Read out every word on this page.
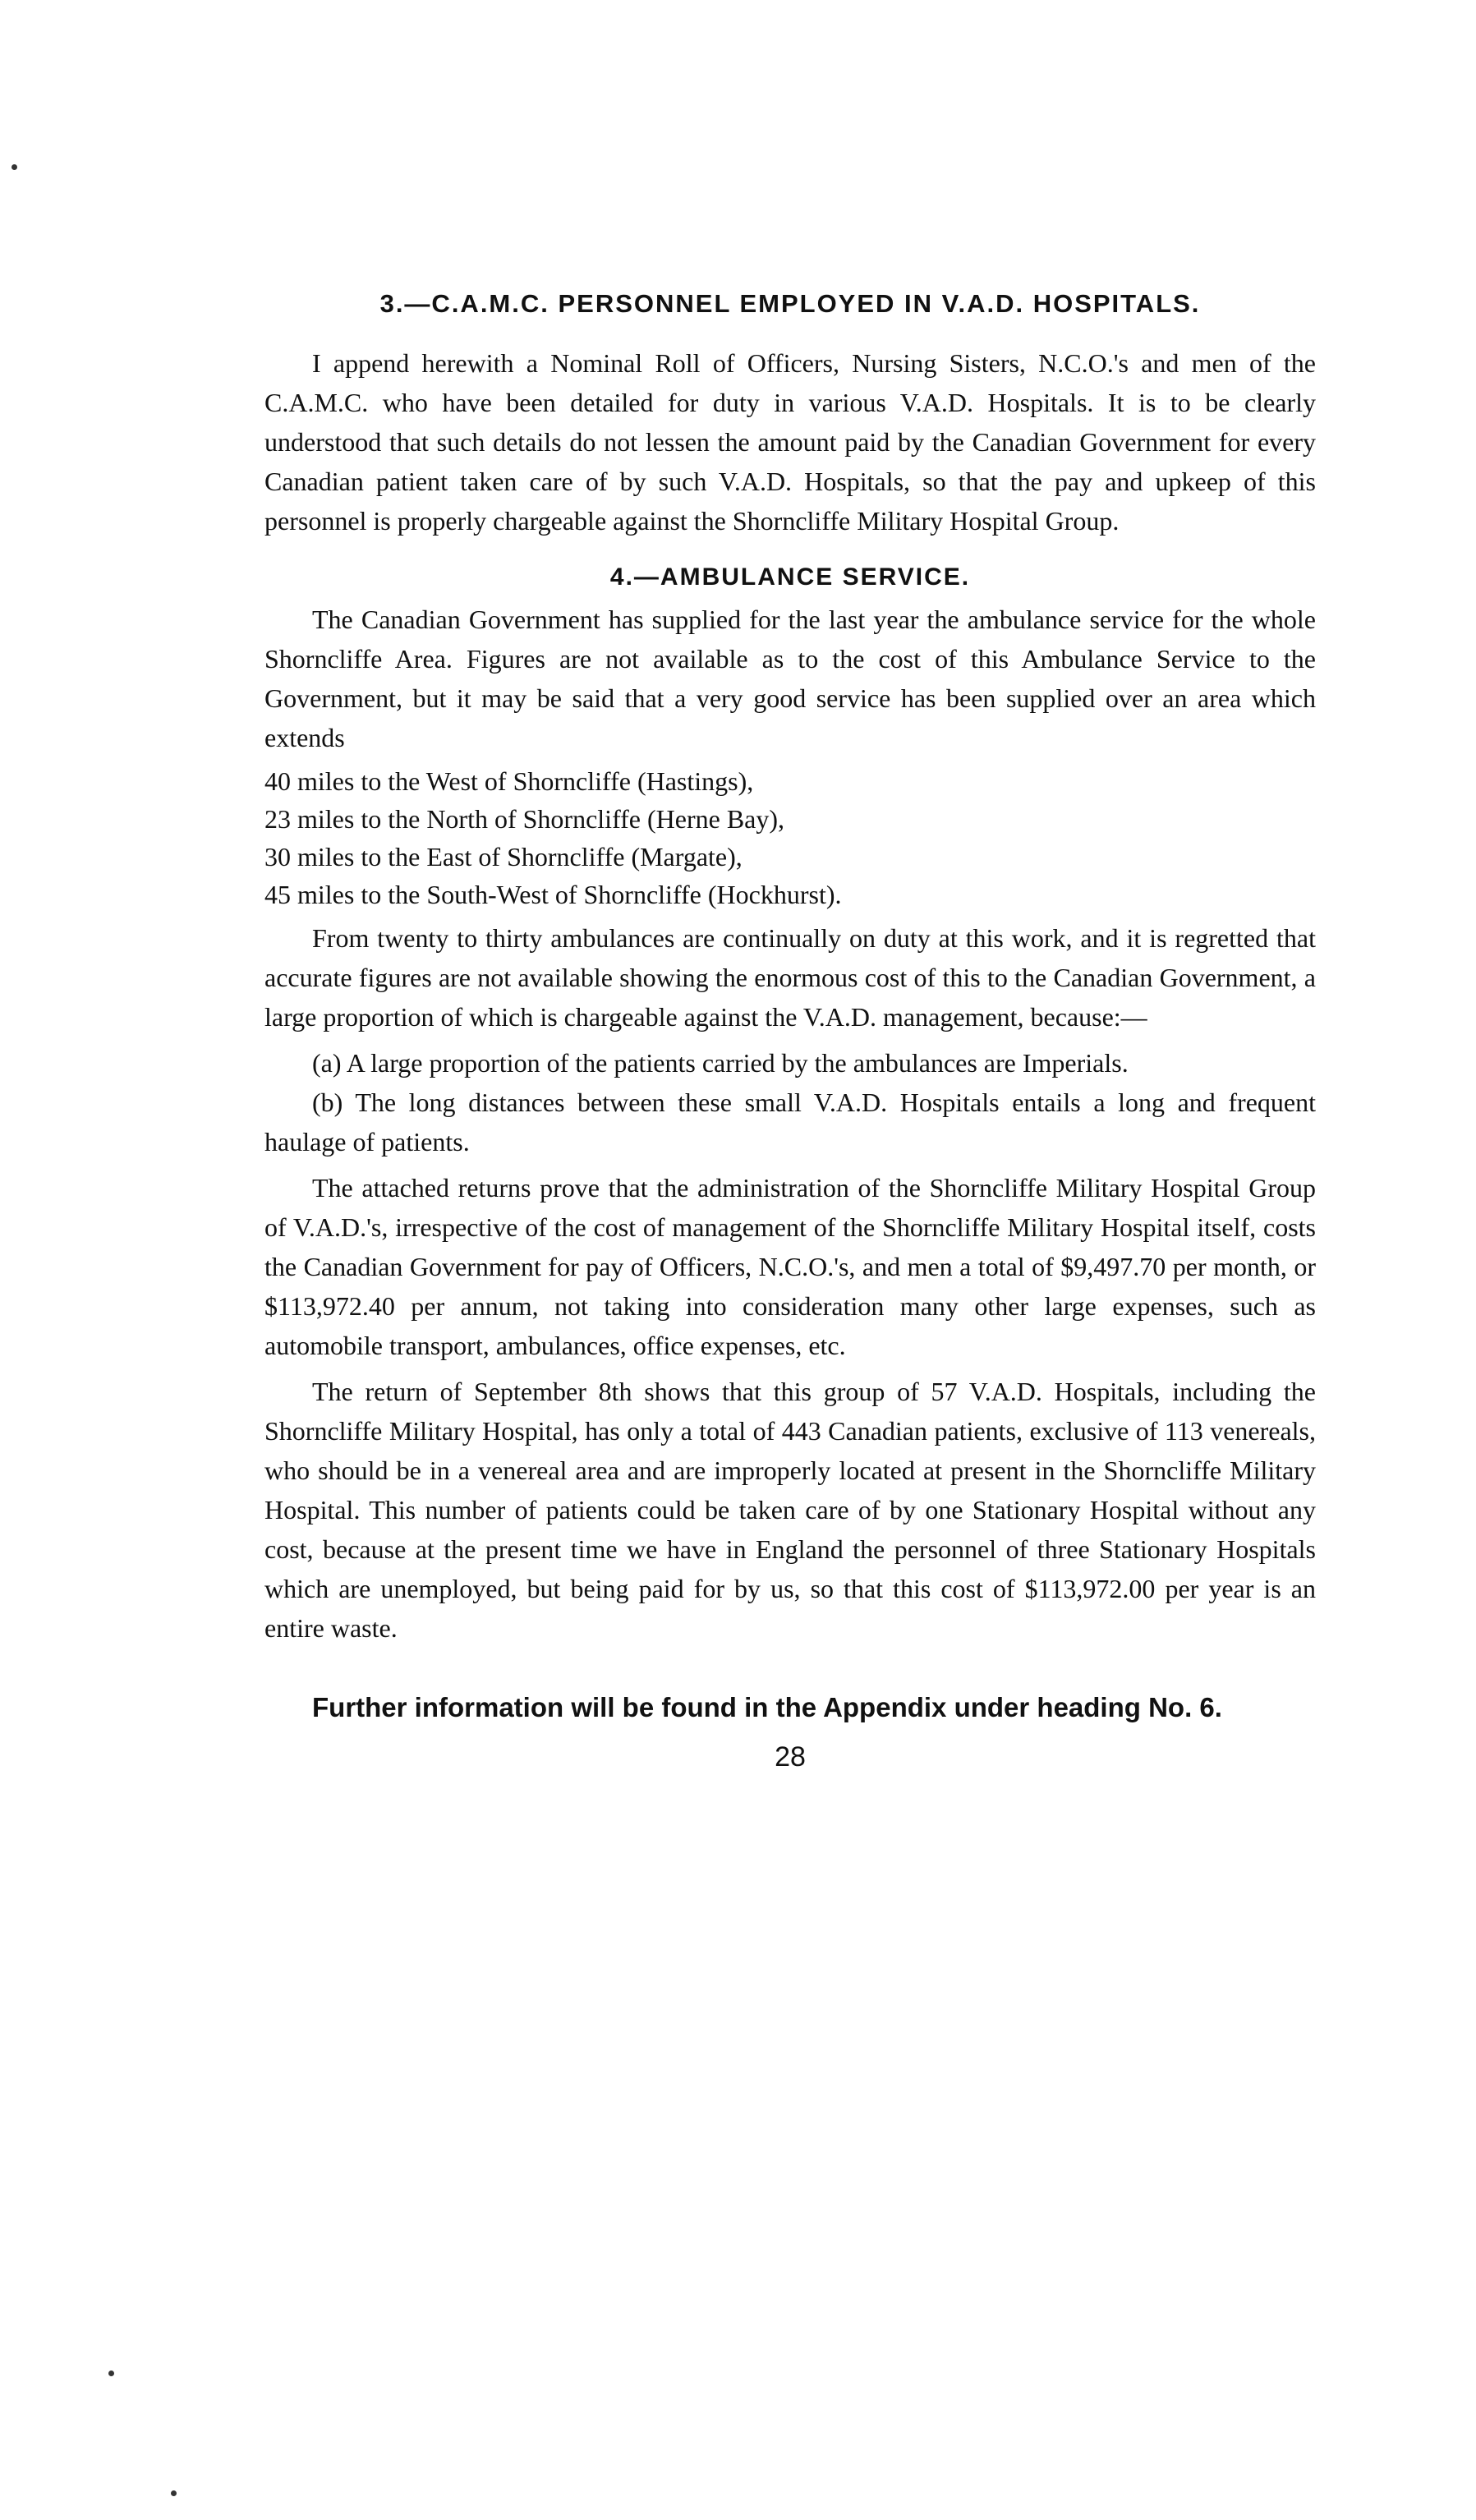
3.—C.A.M.C. PERSONNEL EMPLOYED IN V.A.D. HOSPITALS.

I append herewith a Nominal Roll of Officers, Nursing Sisters, N.C.O.'s and men of the C.A.M.C. who have been detailed for duty in various V.A.D. Hospitals. It is to be clearly understood that such details do not lessen the amount paid by the Canadian Government for every Canadian patient taken care of by such V.A.D. Hospitals, so that the pay and upkeep of this personnel is properly chargeable against the Shorncliffe Military Hospital Group.

4.—AMBULANCE SERVICE.

The Canadian Government has supplied for the last year the ambulance service for the whole Shorncliffe Area. Figures are not available as to the cost of this Ambulance Service to the Government, but it may be said that a very good service has been supplied over an area which extends

40 miles to the West of Shorncliffe (Hastings),
23 miles to the North of Shorncliffe (Herne Bay),
30 miles to the East of Shorncliffe (Margate),
45 miles to the South-West of Shorncliffe (Hockhurst).

From twenty to thirty ambulances are continually on duty at this work, and it is regretted that accurate figures are not available showing the enormous cost of this to the Canadian Government, a large proportion of which is chargeable against the V.A.D. management, because:—

(a) A large proportion of the patients carried by the ambulances are Imperials.

(b) The long distances between these small V.A.D. Hospitals entails a long and frequent haulage of patients.

The attached returns prove that the administration of the Shorncliffe Military Hospital Group of V.A.D.'s, irrespective of the cost of management of the Shorncliffe Military Hospital itself, costs the Canadian Government for pay of Officers, N.C.O.'s, and men a total of $9,497.70 per month, or $113,972.40 per annum, not taking into consideration many other large expenses, such as automobile transport, ambulances, office expenses, etc.

The return of September 8th shows that this group of 57 V.A.D. Hospitals, including the Shorncliffe Military Hospital, has only a total of 443 Canadian patients, exclusive of 113 venereals, who should be in a venereal area and are improperly located at present in the Shorncliffe Military Hospital. This number of patients could be taken care of by one Stationary Hospital without any cost, because at the present time we have in England the personnel of three Stationary Hospitals which are unemployed, but being paid for by us, so that this cost of $113,972.00 per year is an entire waste.

Further information will be found in the Appendix under heading No. 6.

28
